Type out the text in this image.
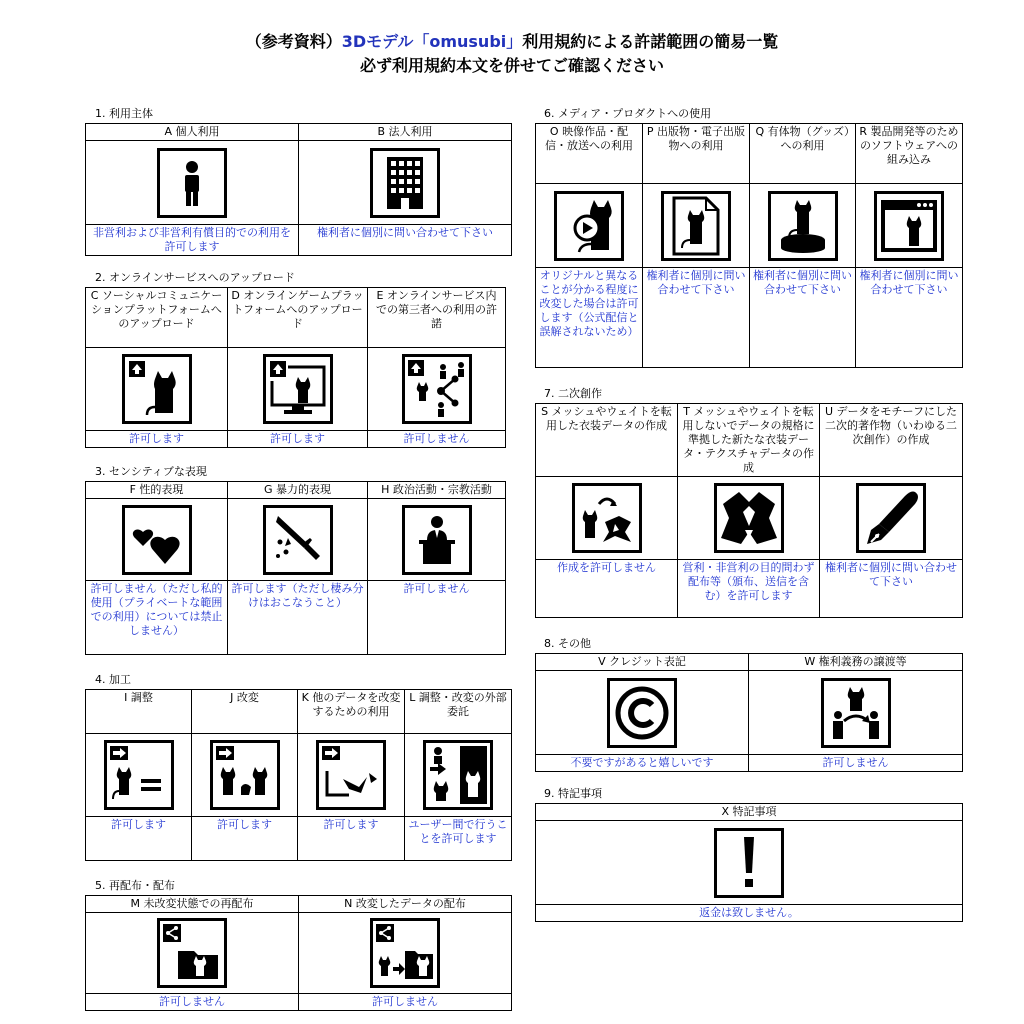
（参考資料）3Dモデル「omusubi」利用規約による許諾範囲の簡易一覧
必ず利用規約本文を併せてご確認ください
1. 利用主体
A 個人利用	B 法人利用

非営利および非営利有償目的での利用を許可します	権利者に個別に問い合わせて下さい
2. オンラインサービスへのアップロード
C ソーシャルコミュニケーションプラットフォームへのアップロード	D オンラインゲームプラットフォームへのアップロード	E オンラインサービス内での第三者への利用の許諾

許可します	許可します	許可しません
3. センシティブな表現
F 性的表現	G 暴力的表現	H 政治活動・宗教活動

許可しません（ただし私的使用（プライベートな範囲での利用）については禁止しません）	許可します（ただし棲み分けはおこなうこと）	許可しません
4. 加工
I 調整	J 改変	K 他のデータを改変するための利用	L 調整・改変の外部委託

許可します	許可します	許可します	ユーザー間で行うことを許可します
5. 再配布・配布
M 未改変状態での再配布	N 改変したデータの配布

許可しません	許可しません
6. メディア・プロダクトへの使用
O 映像作品・配信・放送への利用	P 出版物・電子出版物への利用	Q 有体物（グッズ）への利用	R 製品開発等のためのソフトウェアへの組み込み

オリジナルと異なることが分かる程度に改変した場合は許可します（公式配信と誤解されないため）	権利者に個別に問い合わせて下さい	権利者に個別に問い合わせて下さい	権利者に個別に問い合わせて下さい
7. 二次創作
S メッシュやウェイトを転用した衣装データの作成	T メッシュやウェイトを転用しないでデータの規格に準拠した新たな衣装データ・テクスチャデータの作成	U データをモチーフにした二次的著作物（いわゆる二次創作）の作成

作成を許可しません	営利・非営利の目的問わず配布等（頒布、送信を含む）を許可します	権利者に個別に問い合わせて下さい
8. その他
V クレジット表記	W 権利義務の譲渡等

不要ですがあると嬉しいです	許可しません
9. 特記事項
X 特記事項

返金は致しません。
